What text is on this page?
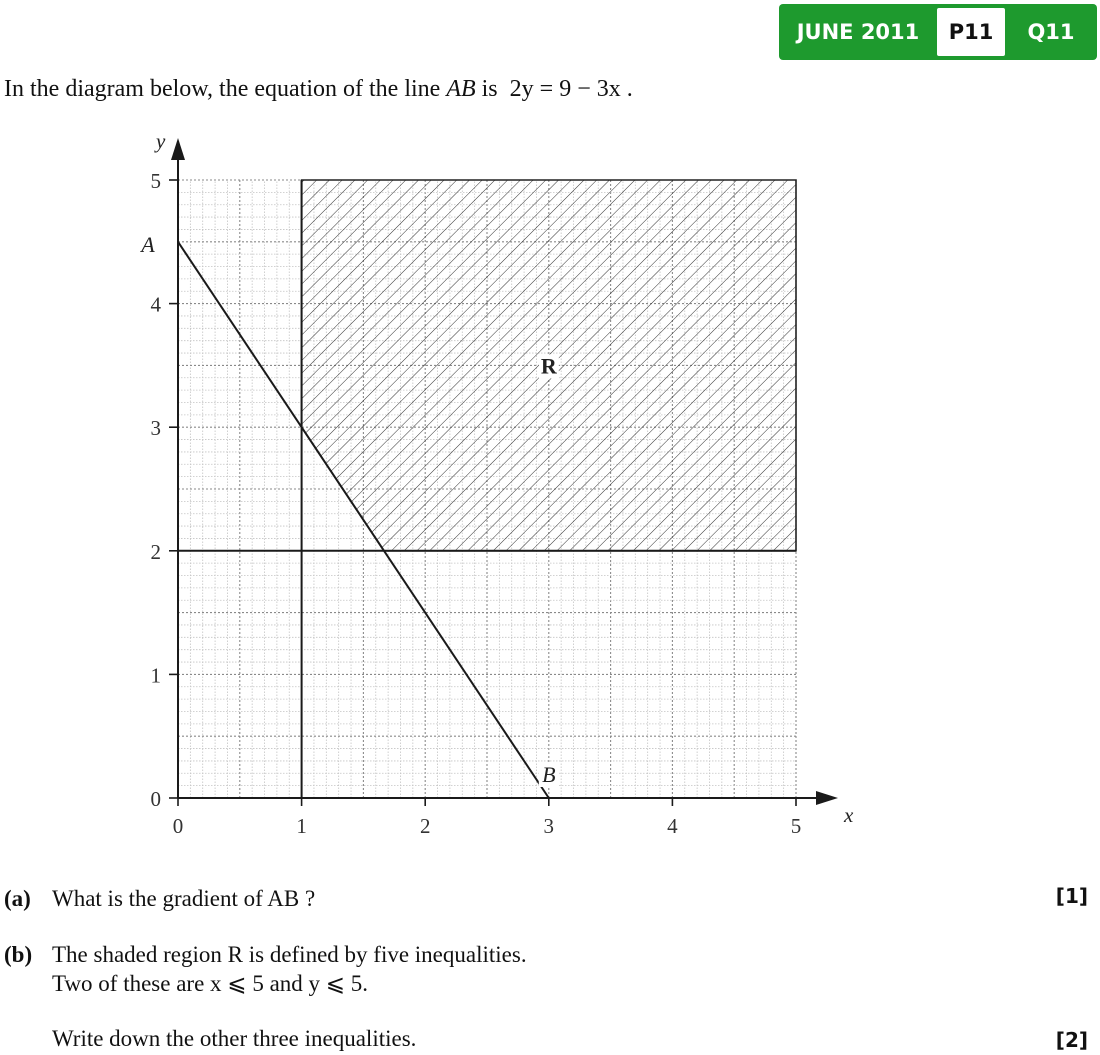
JUNE 2011	P11	Q11
In the diagram below, the equation of the line AB is 2y = 9 − 3x .
x
y
0	1	2	3	4	5
0
1
2
3
4
5
A
B
R
(a) What is the gradient of AB ?	[1]
(b) The shaded region R is defined by five inequalities.
Two of these are x ⩽ 5 and y ⩽ 5.
Write down the other three inequalities.	[2]
